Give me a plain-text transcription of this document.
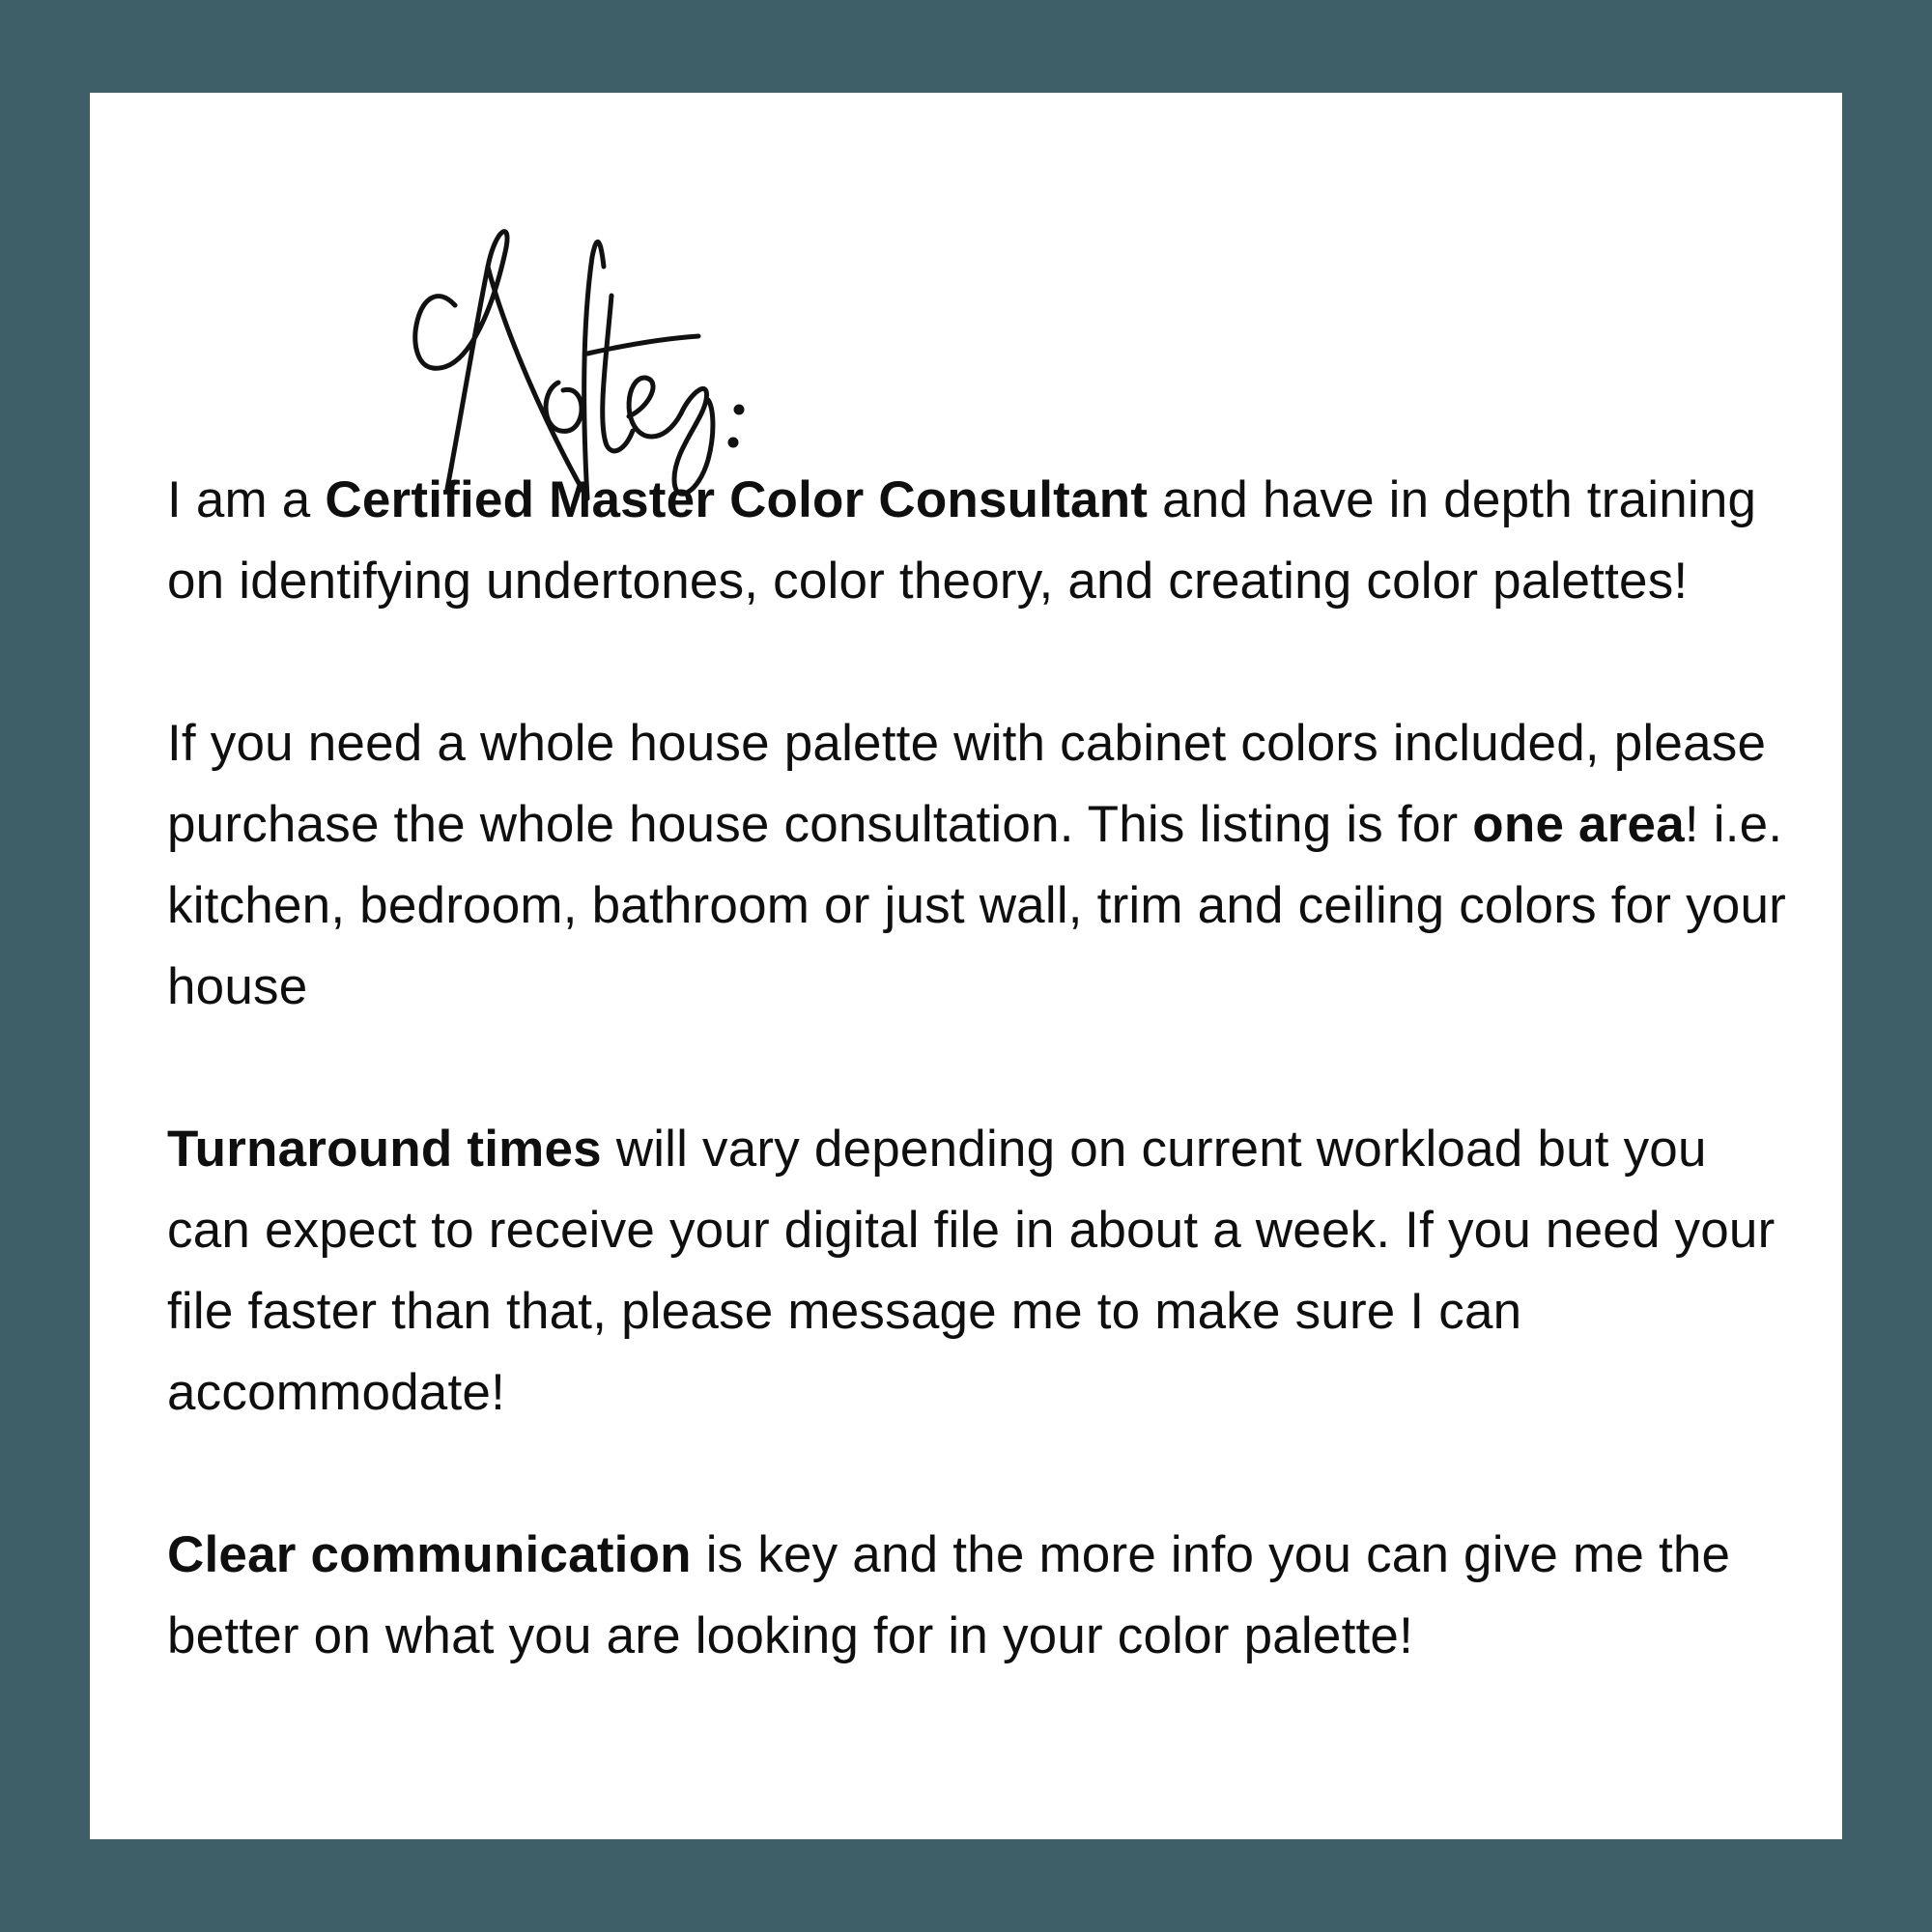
I am a Certified Master Color Consultant and have in depth training on identifying undertones, color theory, and creating color palettes!

If you need a whole house palette with cabinet colors included, please purchase the whole house consultation. This listing is for one area! i.e. kitchen, bedroom, bathroom or just wall, trim and ceiling colors for your house

Turnaround times will vary depending on current workload but you can expect to receive your digital file in about a week. If you need your file faster than that, please message me to make sure I can accommodate!

Clear communication is key and the more info you can give me the better on what you are looking for in your color palette!
